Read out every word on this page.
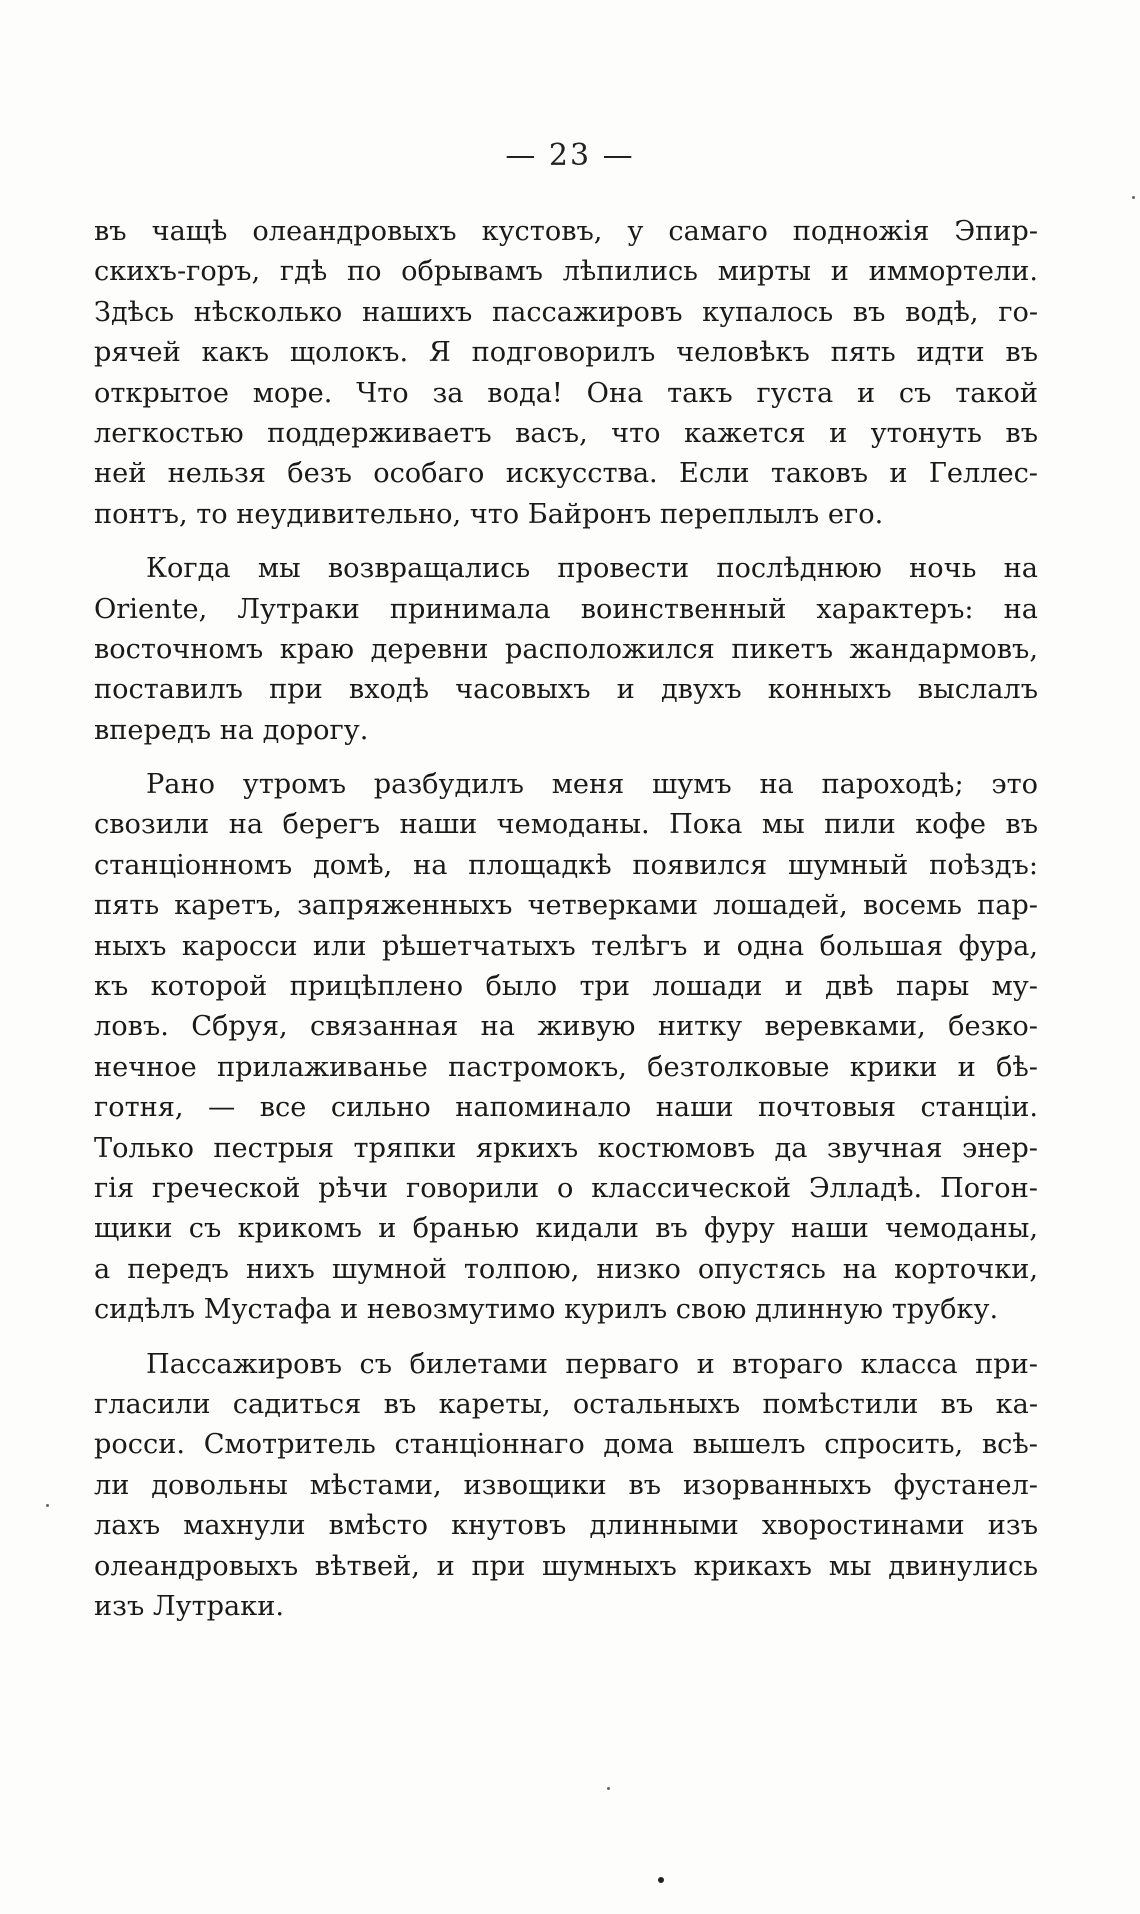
— 23 —
въ чащѣ олеандровыхъ кустовъ, у самаго подножія Эпир-
скихъ-горъ, гдѣ по обрывамъ лѣпились мирты и иммортели.
Здѣсь нѣсколько нашихъ пассажировъ купалось въ водѣ, го-
рячей какъ щолокъ. Я подговорилъ человѣкъ пять идти въ
открытое море. Что за вода! Она такъ густа и съ такой
легкостью поддерживаетъ васъ, что кажется и утонуть въ
ней нельзя безъ особаго искусства. Если таковъ и Геллес-
понтъ, то неудивительно, что Байронъ переплылъ его.
Когда мы возвращались провести послѣднюю ночь на
Oriente, Лутраки принимала воинственный характеръ: на
восточномъ краю деревни расположился пикетъ жандармовъ,
поставилъ при входѣ часовыхъ и двухъ конныхъ выслалъ
впередъ на дорогу.
Рано утромъ разбудилъ меня шумъ на пароходѣ; это
свозили на берегъ наши чемоданы. Пока мы пили кофе въ
станціонномъ домѣ, на площадкѣ появился шумный поѣздъ:
пять каретъ, запряженныхъ четверками лошадей, восемь пар-
ныхъ каросси или рѣшетчатыхъ телѣгъ и одна большая фура,
къ которой прицѣплено было три лошади и двѣ пары му-
ловъ. Сбруя, связанная на живую нитку веревками, безко-
нечное прилаживанье пастромокъ, безтолковые крики и бѣ-
готня, — все сильно напоминало наши почтовыя станціи.
Только пестрыя тряпки яркихъ костюмовъ да звучная энер-
гія греческой рѣчи говорили о классической Элладѣ. Погон-
щики съ крикомъ и бранью кидали въ фуру наши чемоданы,
а передъ нихъ шумной толпою, низко опустясь на корточки,
сидѣлъ Мустафа и невозмутимо курилъ свою длинную трубку.
Пассажировъ съ билетами перваго и втораго класса при-
гласили садиться въ кареты, остальныхъ помѣстили въ ка-
росси. Смотритель станціоннаго дома вышелъ спросить, всѣ-
ли довольны мѣстами, извощики въ изорванныхъ фустанел-
лахъ махнули вмѣсто кнутовъ длинными хворостинами изъ
олеандровыхъ вѣтвей, и при шумныхъ крикахъ мы двинулись
изъ Лутраки.
